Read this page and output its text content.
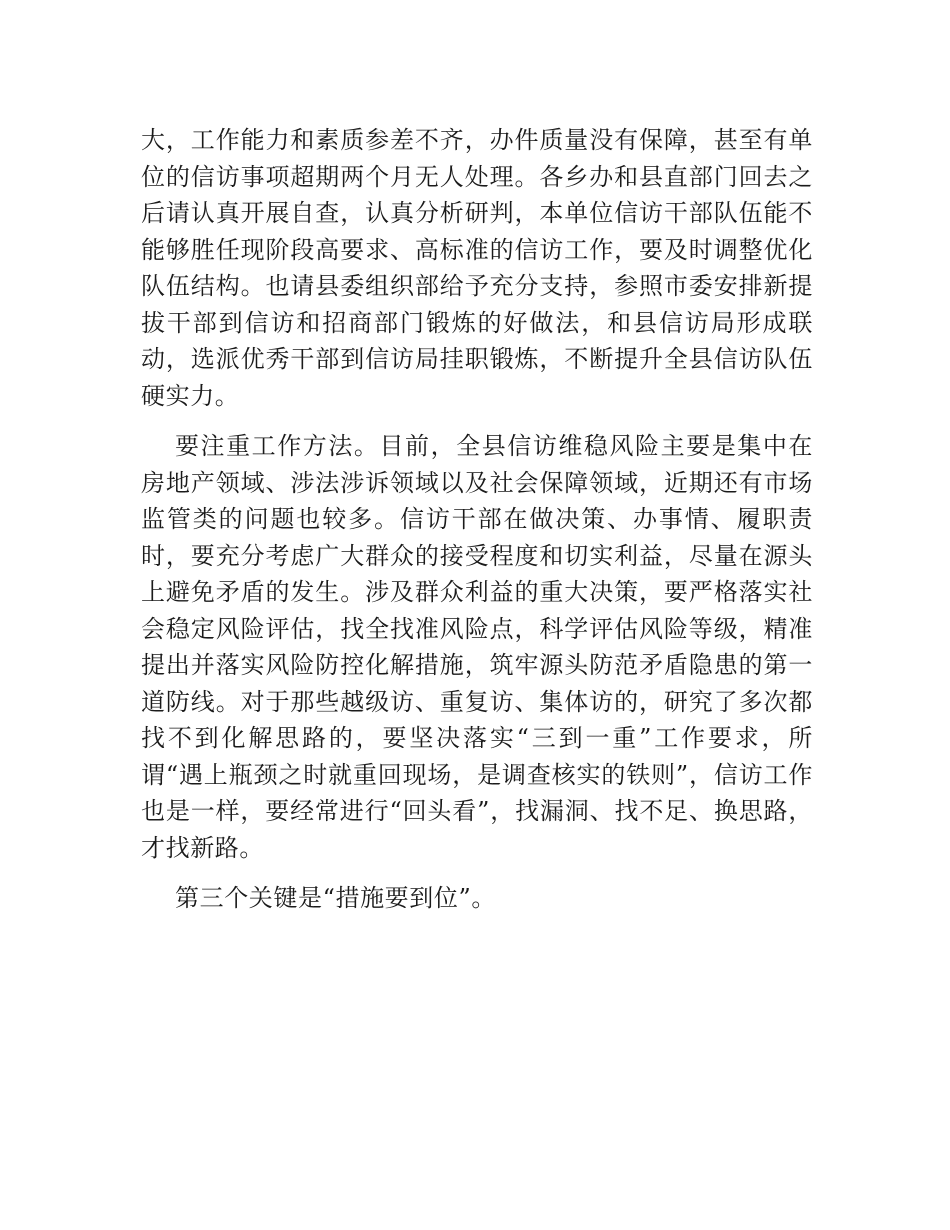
大，工作能力和素质参差不齐，办件质量没有保障，甚至有单位的信访事项超期两个月无人处理。各乡办和县直部门回去之后请认真开展自查，认真分析研判，本单位信访干部队伍能不能够胜任现阶段高要求、高标准的信访工作，要及时调整优化队伍结构。也请县委组织部给予充分支持，参照市委安排新提拔干部到信访和招商部门锻炼的好做法，和县信访局形成联动，选派优秀干部到信访局挂职锻炼，不断提升全县信访队伍硬实力。

要注重工作方法。目前，全县信访维稳风险主要是集中在房地产领域、涉法涉诉领域以及社会保障领域，近期还有市场监管类的问题也较多。信访干部在做决策、办事情、履职责时，要充分考虑广大群众的接受程度和切实利益，尽量在源头上避免矛盾的发生。涉及群众利益的重大决策，要严格落实社会稳定风险评估，找全找准风险点，科学评估风险等级，精准提出并落实风险防控化解措施，筑牢源头防范矛盾隐患的第一道防线。对于那些越级访、重复访、集体访的，研究了多次都找不到化解思路的，要坚决落实“三到一重”工作要求，所谓“遇上瓶颈之时就重回现场，是调查核实的铁则”，信访工作也是一样，要经常进行“回头看”，找漏洞、找不足、换思路，才找新路。

第三个关键是“措施要到位”。
